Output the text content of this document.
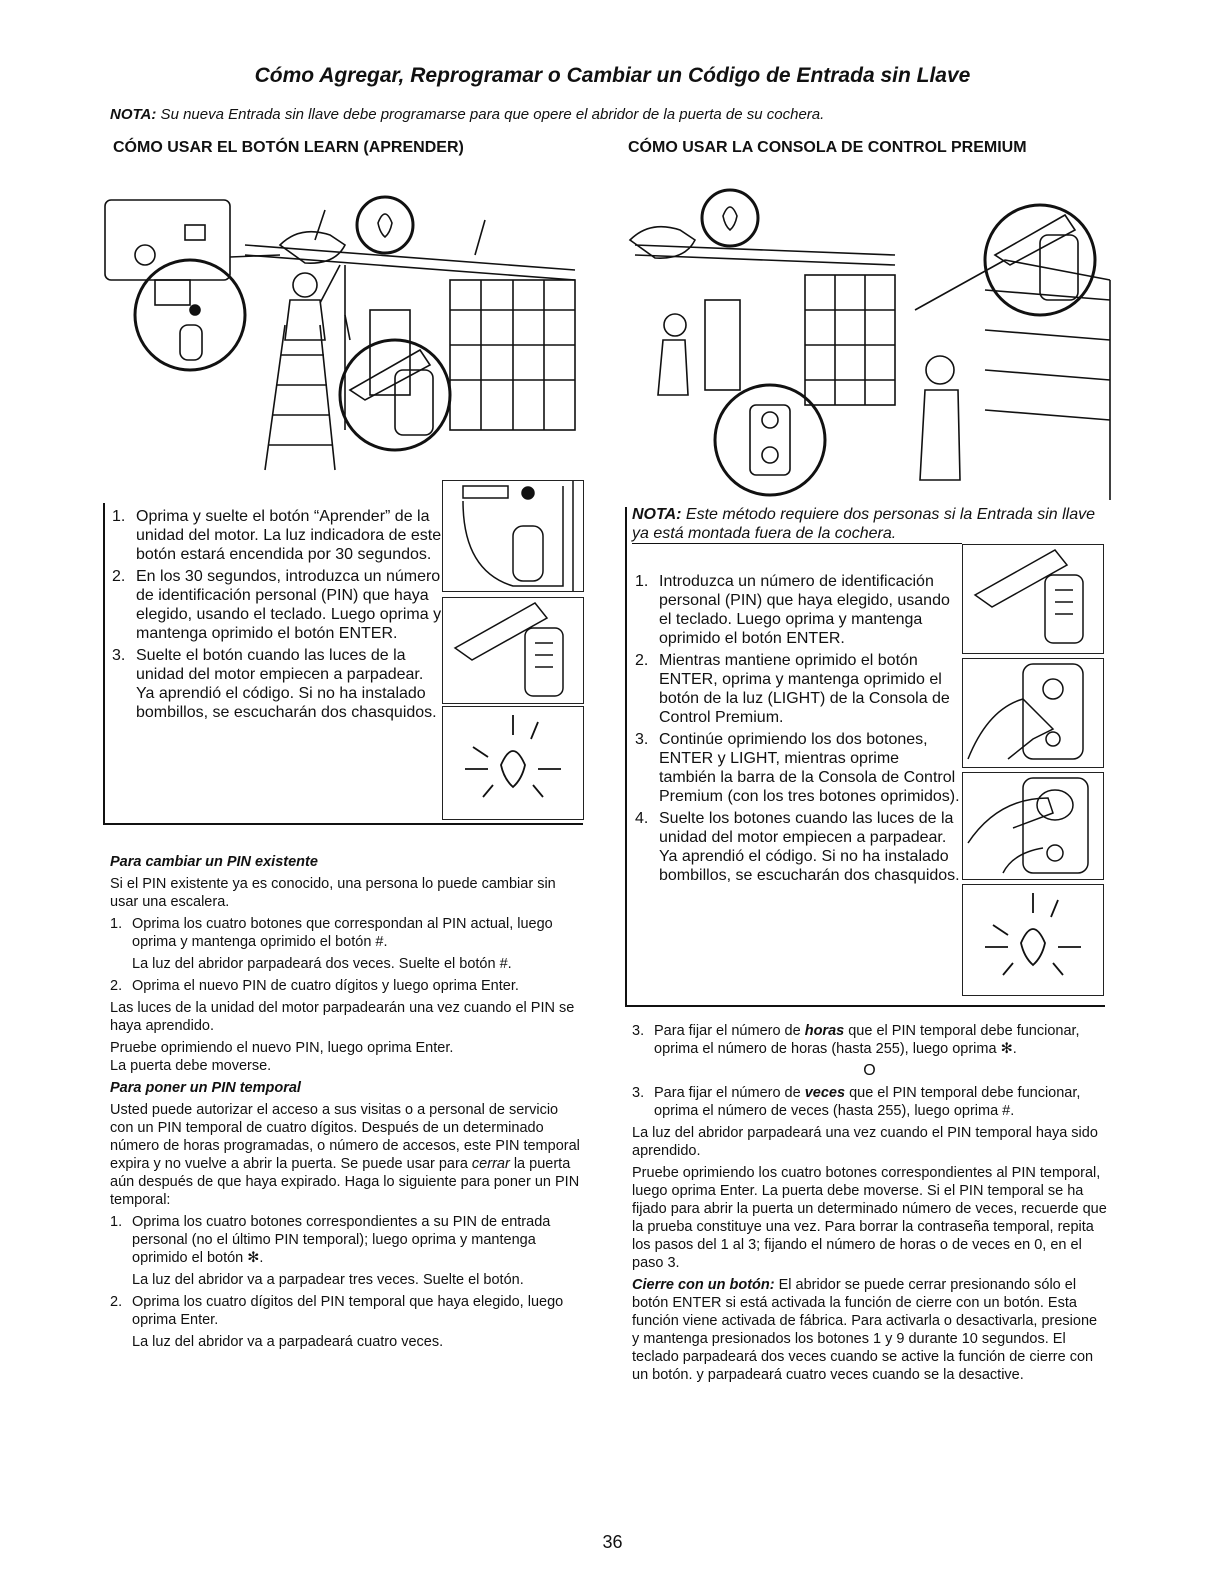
Cómo Agregar, Reprogramar o Cambiar un Código de Entrada sin Llave
NOTA: Su nueva Entrada sin llave debe programarse para que opere el abridor de la puerta de su cochera.
CÓMO USAR EL BOTÓN LEARN (APRENDER)	CÓMO USAR LA CONSOLA DE CONTROL PREMIUM
1. Oprima y suelte el botón “Aprender” de la unidad del motor. La luz indicadora de este botón estará encendida por 30 segundos.
2. En los 30 segundos, introduzca un número de identificación personal (PIN) que haya elegido, usando el teclado. Luego oprima y mantenga oprimido el botón ENTER.
3. Suelte el botón cuando las luces de la unidad del motor empiecen a parpadear. Ya aprendió el código. Si no ha instalado bombillos, se escucharán dos chasquidos.

Para cambiar un PIN existente

Si el PIN existente ya es conocido, una persona lo puede cambiar sin usar una escalera.

1. Oprima los cuatro botones que correspondan al PIN actual, luego oprima y mantenga oprimido el botón #.

La luz del abridor parpadeará dos veces. Suelte el botón #.

2. Oprima el nuevo PIN de cuatro dígitos y luego oprima Enter.

Las luces de la unidad del motor parpadearán una vez cuando el PIN se haya aprendido.

Pruebe oprimiendo el nuevo PIN, luego oprima Enter.

La puerta debe moverse.

Para poner un PIN temporal

Usted puede autorizar el acceso a sus visitas o a personal de servicio con un PIN temporal de cuatro dígitos. Después de un determinado número de horas programadas, o número de accesos, este PIN temporal expira y no vuelve a abrir la puerta. Se puede usar para cerrar la puerta aún después de que haya expirado. Haga lo siguiente para poner un PIN temporal:

1. Oprima los cuatro botones correspondientes a su PIN de entrada personal (no el último PIN temporal); luego oprima y mantenga oprimido el botón ✻.

La luz del abridor va a parpadear tres veces. Suelte el botón.

2. Oprima los cuatro dígitos del PIN temporal que haya elegido, luego oprima Enter.

La luz del abridor va a parpadeará cuatro veces.

NOTA: Este método requiere dos personas si la Entrada sin llave ya está montada fuera de la cochera.
1. Introduzca un número de identificación personal (PIN) que haya elegido, usando el teclado. Luego oprima y mantenga oprimido el botón ENTER.
2. Mientras mantiene oprimido el botón ENTER, oprima y mantenga oprimido el botón de la luz (LIGHT) de la Consola de Control Premium.
3. Continúe oprimiendo los dos botones, ENTER y LIGHT, mientras oprime también la barra de la Consola de Control Premium (con los tres botones oprimidos).
4. Suelte los botones cuando las luces de la unidad del motor empiecen a parpadear. Ya aprendió el código. Si no ha instalado bombillos, se escucharán dos chasquidos.
3. Para fijar el número de horas que el PIN temporal debe funcionar, oprima el número de horas (hasta 255), luego oprima ✻.

O

3. Para fijar el número de veces que el PIN temporal debe funcionar, oprima el número de veces (hasta 255), luego oprima #.

La luz del abridor parpadeará una vez cuando el PIN temporal haya sido aprendido.

Pruebe oprimiendo los cuatro botones correspondientes al PIN temporal, luego oprima Enter. La puerta debe moverse. Si el PIN temporal se ha fijado para abrir la puerta un determinado número de veces, recuerde que la prueba constituye una vez. Para borrar la contraseña temporal, repita los pasos del 1 al 3; fijando el número de horas o de veces en 0, en el paso 3.

Cierre con un botón: El abridor se puede cerrar presionando sólo el botón ENTER si está activada la función de cierre con un botón. Esta función viene activada de fábrica. Para activarla o desactivarla, presione y mantenga presionados los botones 1 y 9 durante 10 segundos. El teclado parpadeará dos veces cuando se active la función de cierre con un botón. y parpadeará cuatro veces cuando se la desactive.

36
